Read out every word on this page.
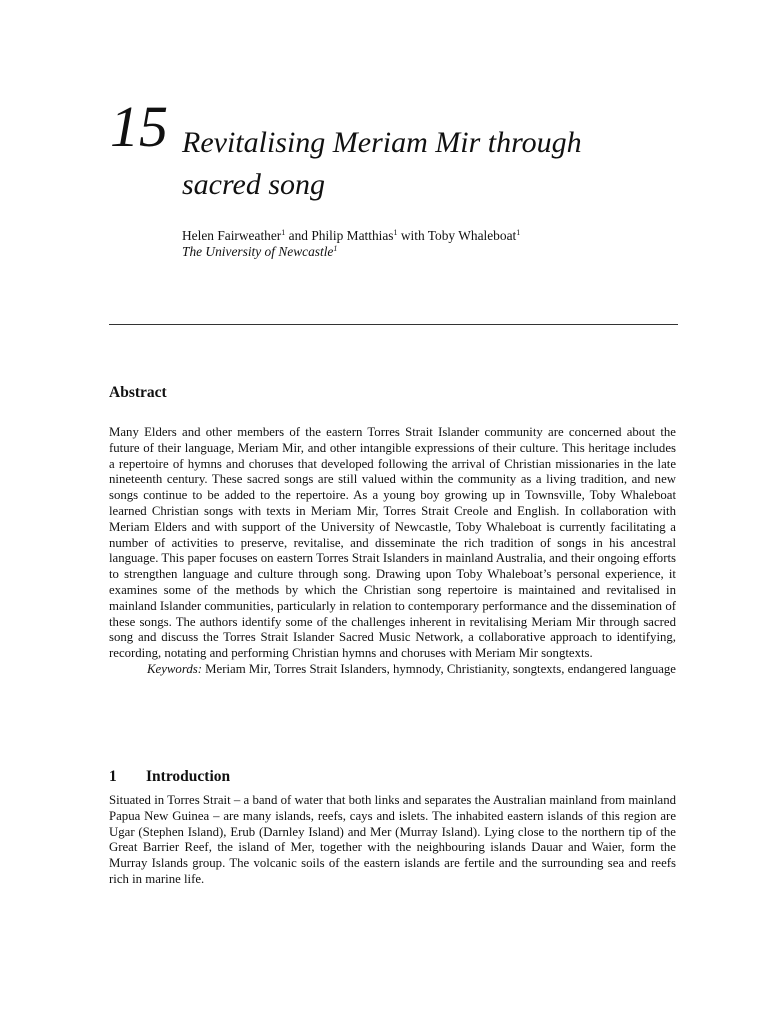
15 Revitalising Meriam Mir through
sacred song
Helen Fairweather$^1$ and Philip Matthias$^1$ with Toby Whaleboat$^1$
The University of Newcastle$^1$
Abstract

Many Elders and other members of the eastern Torres Strait Islander community are concerned about the future of their language, Meriam Mir, and other intangible expressions of their culture. This heritage includes a repertoire of hymns and choruses that developed following the arrival of Christian missionaries in the late nineteenth century. These sacred songs are still valued within the community as a living tradition, and new songs continue to be added to the repertoire. As a young boy growing up in Townsville, Toby Whaleboat learned Christian songs with texts in Meriam Mir, Torres Strait Creole and English. In collaboration with Meriam Elders and with support of the University of Newcastle, Toby Whaleboat is currently facilitating a number of activities to preserve, revitalise, and disseminate the rich tradition of songs in his ancestral language. This paper focuses on eastern Torres Strait Islanders in mainland Australia, and their ongoing efforts to strengthen language and culture through song. Drawing upon Toby Whaleboat’s personal experience, it examines some of the methods by which the Christian song repertoire is maintained and revitalised in mainland Islander communities, particularly in relation to contemporary performance and the dissemination of these songs. The authors identify some of the challenges inherent in revitalising Meriam Mir through sacred song and discuss the Torres Strait Islander Sacred Music Network, a collaborative approach to identifying, recording, notating and performing Christian hymns and choruses with Meriam Mir songtexts.

Keywords: Meriam Mir, Torres Strait Islanders, hymnody, Christianity, songtexts, endangered language

1 Introduction

Situated in Torres Strait – a band of water that both links and separates the Australian mainland from mainland Papua New Guinea – are many islands, reefs, cays and islets. The inhabited eastern islands of this region are Ugar (Stephen Island), Erub (Darnley Island) and Mer (Murray Island). Lying close to the northern tip of the Great Barrier Reef, the island of Mer, together with the neighbouring islands Dauar and Waier, form the Murray Islands group. The volcanic soils of the eastern islands are fertile and the surrounding sea and reefs rich in marine life.
